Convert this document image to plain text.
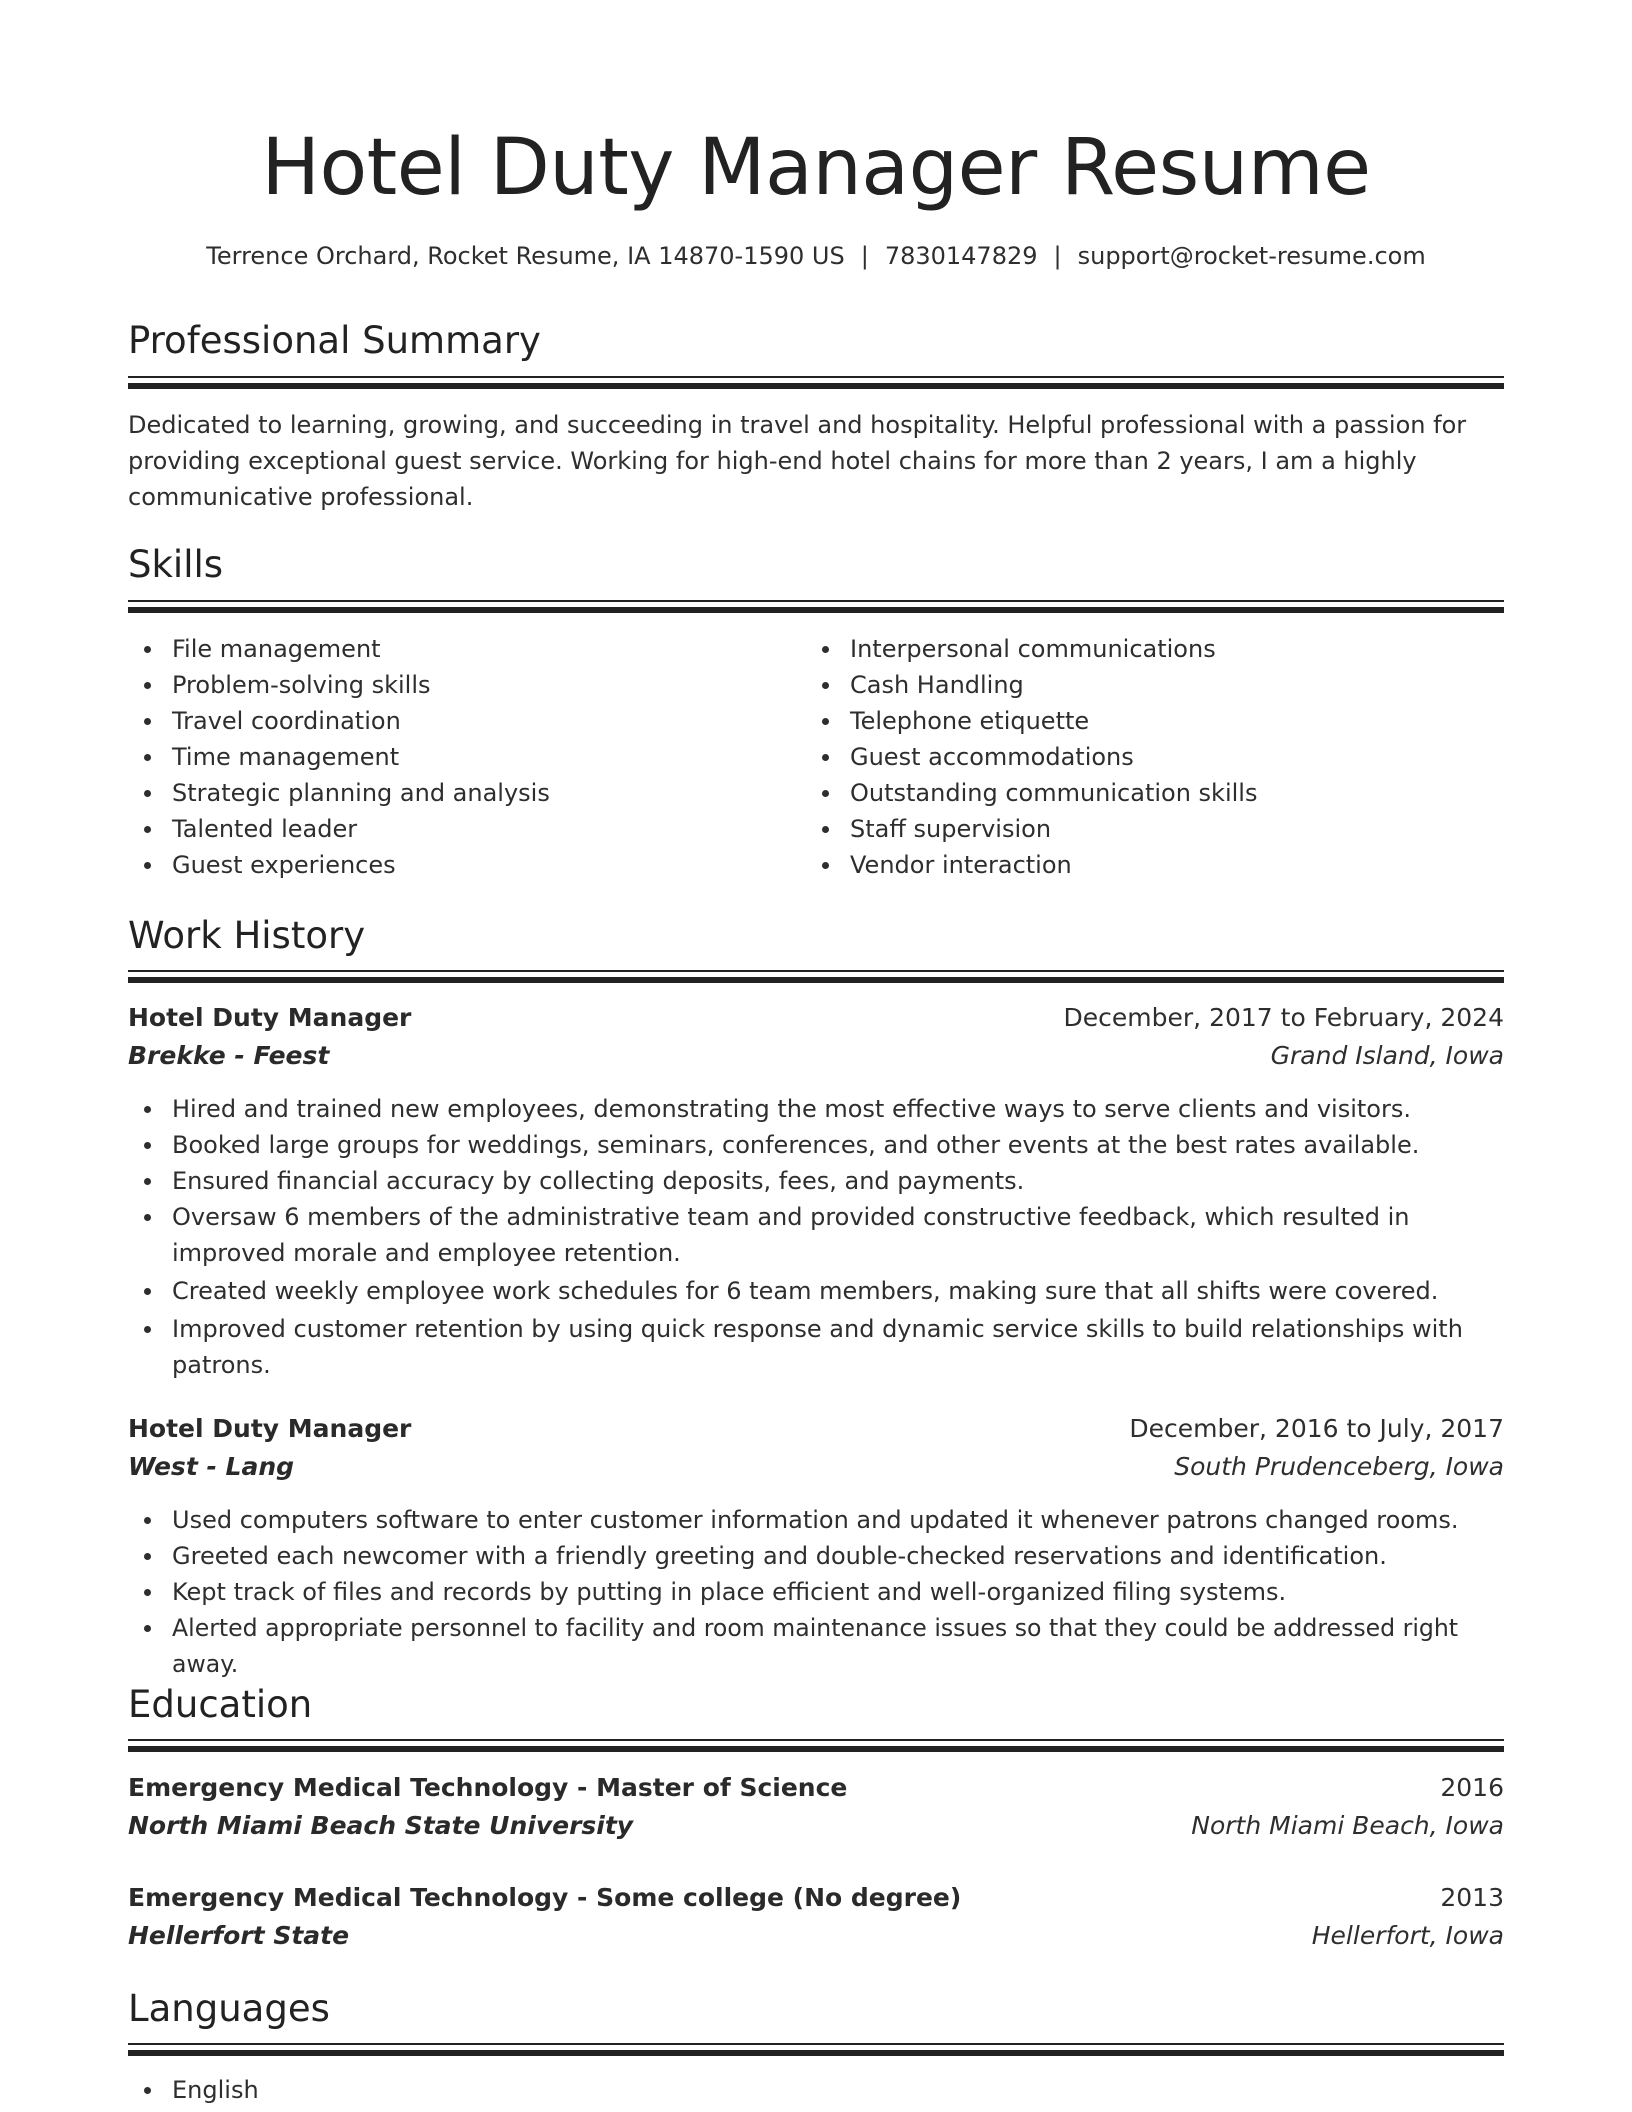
Hotel Duty Manager Resume
Terrence Orchard, Rocket Resume, IA 14870-1590 US | 7830147829 | support@rocket-resume.com
Professional Summary

Dedicated to learning, growing, and succeeding in travel and hospitality. Helpful professional with a passion for providing exceptional guest service. Working for high-end hotel chains for more than 2 years, I am a highly communicative professional.

Skills
File management
Problem-solving skills
Travel coordination
Time management
Strategic planning and analysis
Talented leader
Guest experiences
Interpersonal communications
Cash Handling
Telephone etiquette
Guest accommodations
Outstanding communication skills
Staff supervision
Vendor interaction
Work History
Hotel Duty Manager	December, 2017 to February, 2024
Brekke - Feest	Grand Island, Iowa
Hired and trained new employees, demonstrating the most effective ways to serve clients and visitors.
Booked large groups for weddings, seminars, conferences, and other events at the best rates available.
Ensured financial accuracy by collecting deposits, fees, and payments.
Oversaw 6 members of the administrative team and provided constructive feedback, which resulted in improved morale and employee retention.
Created weekly employee work schedules for 6 team members, making sure that all shifts were covered.
Improved customer retention by using quick response and dynamic service skills to build relationships with patrons.
Hotel Duty Manager	December, 2016 to July, 2017
West - Lang	South Prudenceberg, Iowa
Used computers software to enter customer information and updated it whenever patrons changed rooms.
Greeted each newcomer with a friendly greeting and double-checked reservations and identification.
Kept track of files and records by putting in place efficient and well-organized filing systems.
Alerted appropriate personnel to facility and room maintenance issues so that they could be addressed right away.
Education
Emergency Medical Technology - Master of Science	2016
North Miami Beach State University	North Miami Beach, Iowa
Emergency Medical Technology - Some college (No degree)	2013
Hellerfort State	Hellerfort, Iowa
Languages
English
